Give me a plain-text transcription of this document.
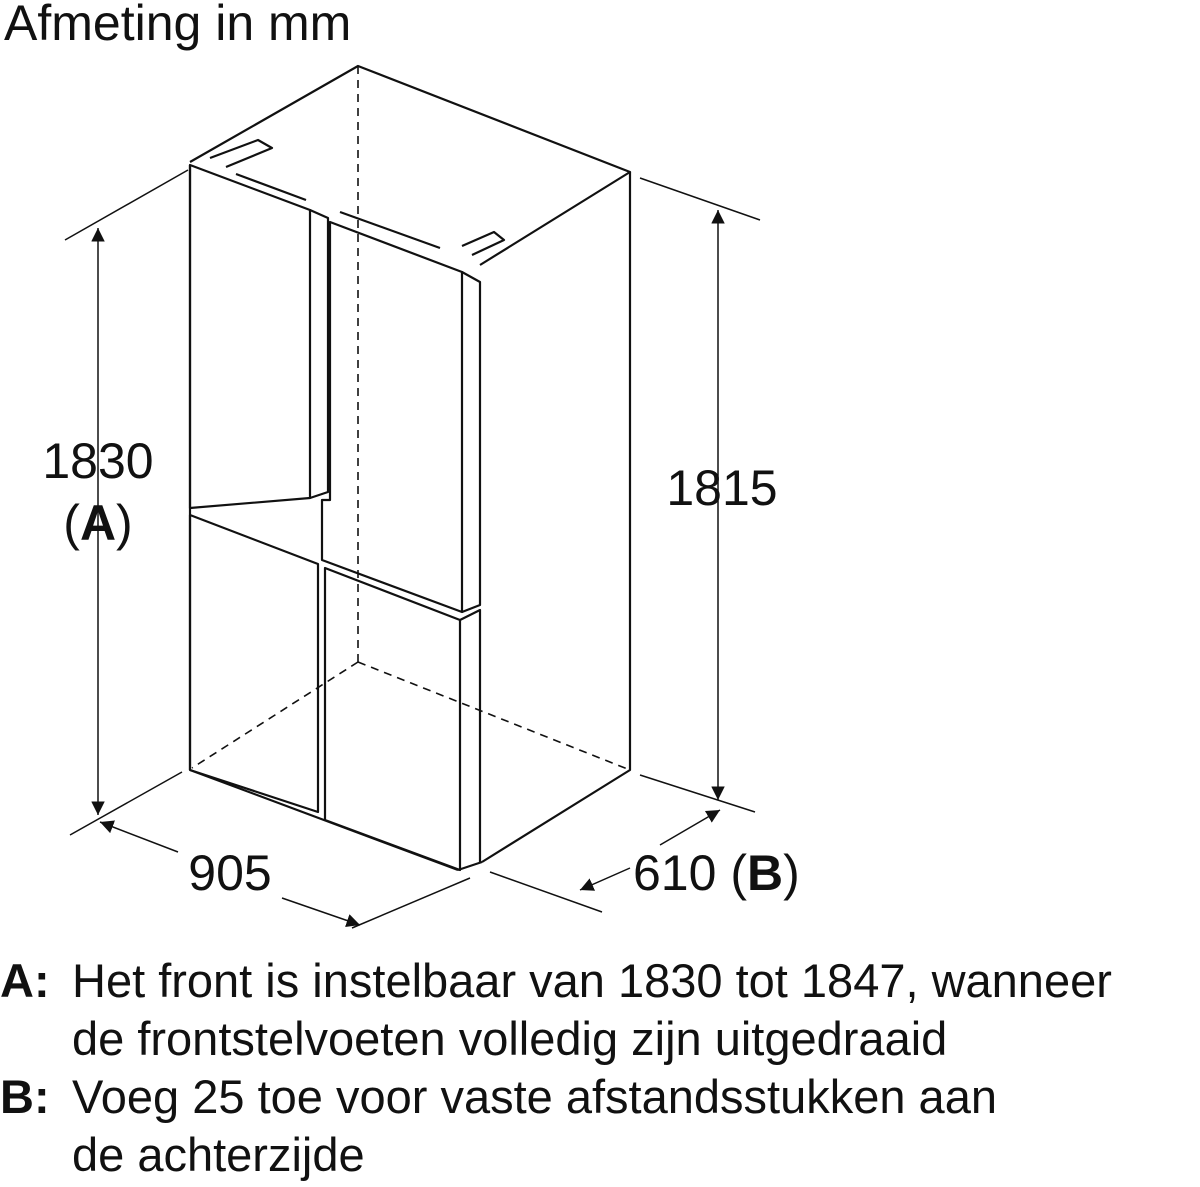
Afmeting in mm
1830
(A)
1815
905	610 (B)
A: Het front is instelbaar van 1830 tot 1847, wanneer
de frontstelvoeten volledig zijn uitgedraaid
B: Voeg 25 toe voor vaste afstandsstukken aan
de achterzijde
